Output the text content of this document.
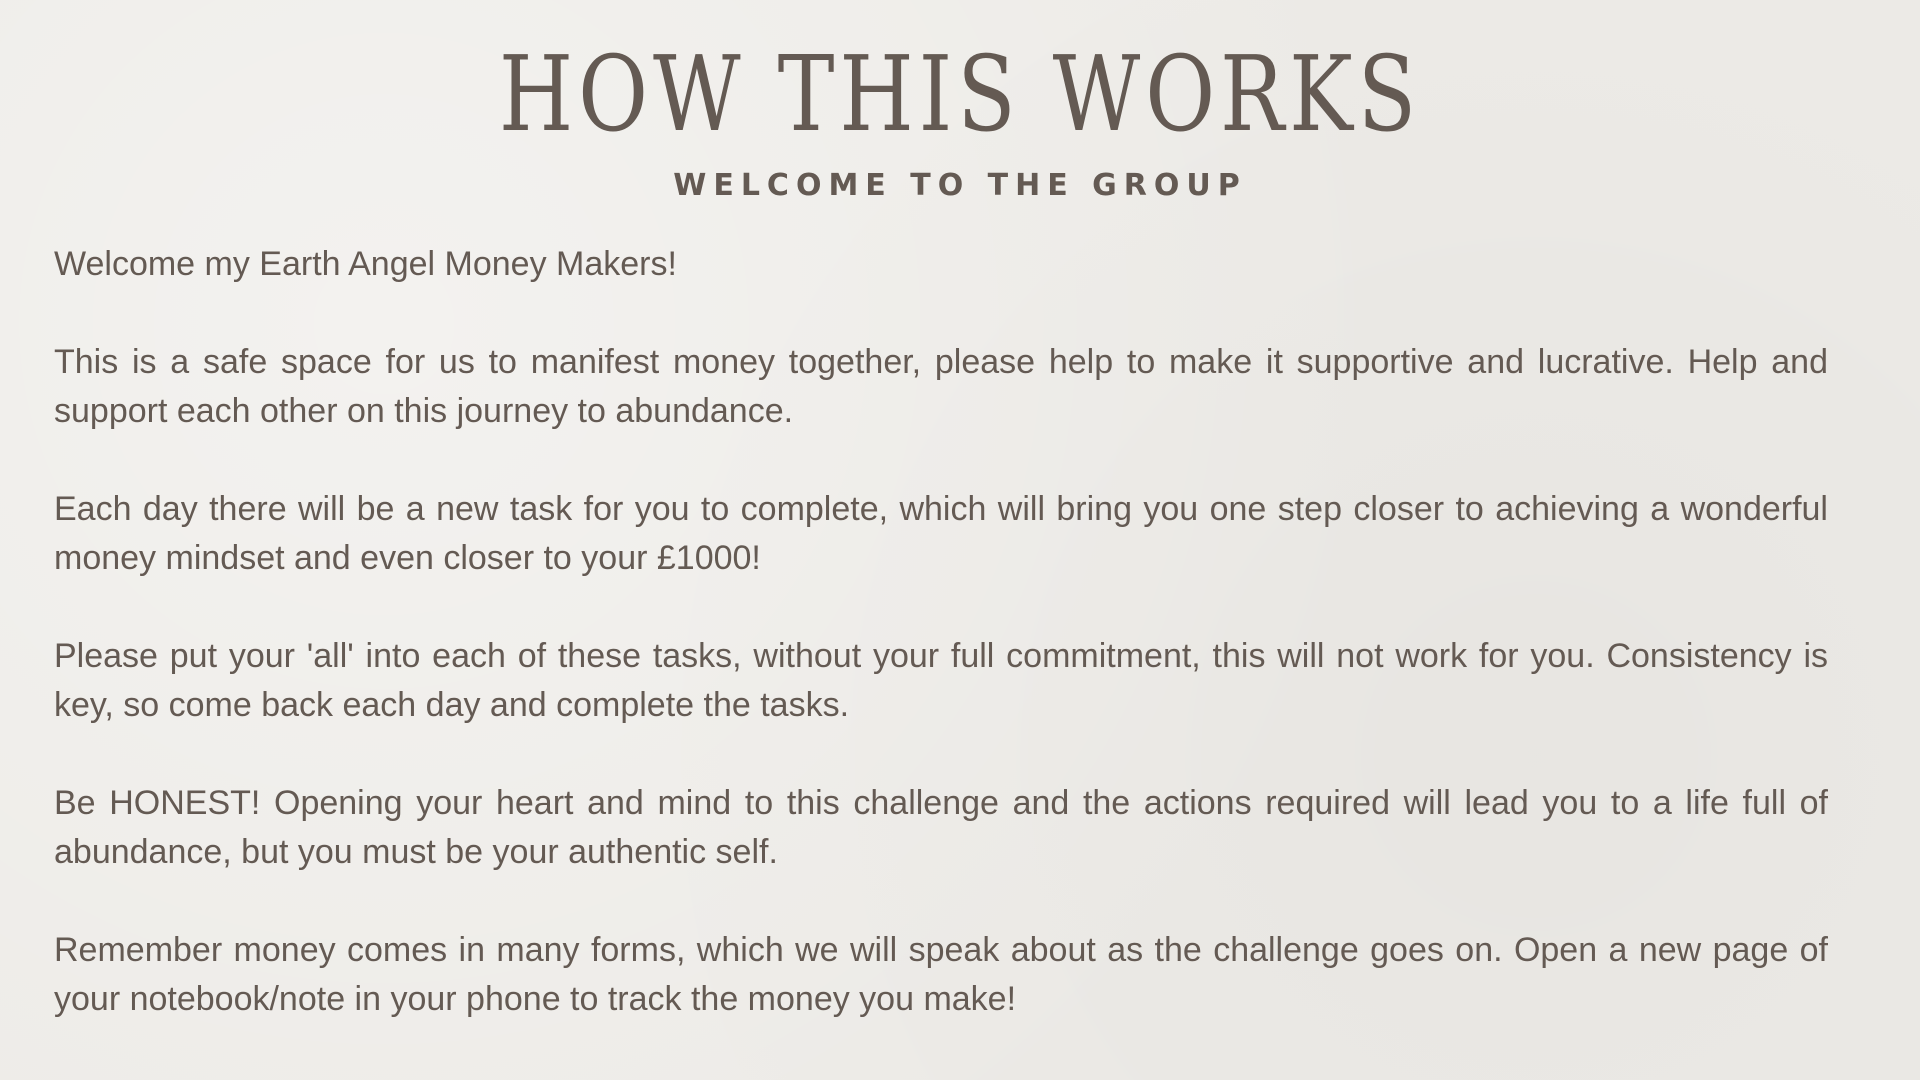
HOW THIS WORKS
WELCOME TO THE GROUP

Welcome my Earth Angel Money Makers!

This is a safe space for us to manifest money together, please help to make it supportive and lucrative. Help and support each other on this journey to abundance.

Each day there will be a new task for you to complete, which will bring you one step closer to achieving a wonderful money mindset and even closer to your £1000!

Please put your 'all' into each of these tasks, without your full commitment, this will not work for you. Consistency is key, so come back each day and complete the tasks.

Be HONEST! Opening your heart and mind to this challenge and the actions required will lead you to a life full of abundance, but you must be your authentic self.

Remember money comes in many forms, which we will speak about as the challenge goes on. Open a new page of your notebook/note in your phone to track the money you make!
